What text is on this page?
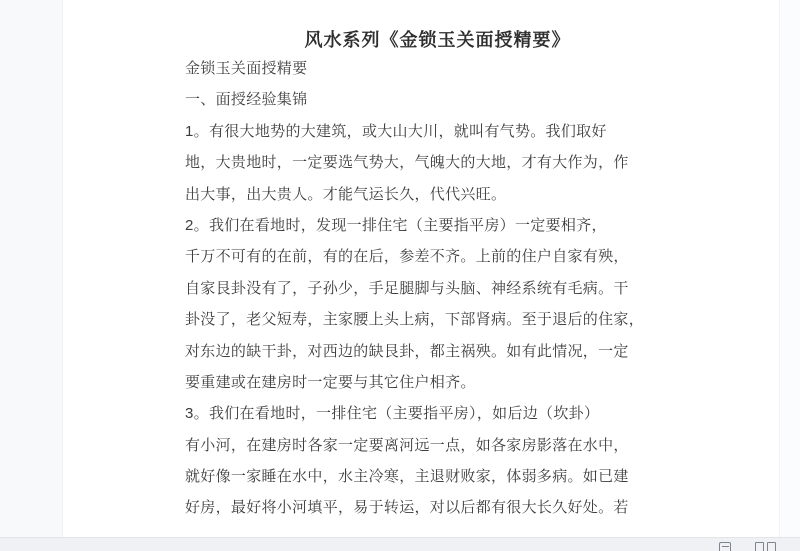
风水系列《金锁玉关面授精要》
金锁玉关面授精要
一、面授经验集锦
1。有很大地势的大建筑，或大山大川，就叫有气势。我们取好
地，大贵地时，一定要选气势大，气魄大的大地，才有大作为，作
出大事，出大贵人。才能气运长久，代代兴旺。
2。我们在看地时，发现一排住宅（主要指平房）一定要相齐，
千万不可有的在前，有的在后，参差不齐。上前的住户自家有殃，
自家艮卦没有了，子孙少，手足腿脚与头脑、神经系统有毛病。干
卦没了，老父短寿，主家腰上头上病，下部肾病。至于退后的住家，
对东边的缺干卦，对西边的缺艮卦，都主祸殃。如有此情况，一定
要重建或在建房时一定要与其它住户相齐。
3。我们在看地时，一排住宅（主要指平房），如后边（坎卦）
有小河，在建房时各家一定要离河远一点，如各家房影落在水中，
就好像一家睡在水中，水主冷寒，主退财败家，体弱多病。如已建
好房，最好将小河填平，易于转运，对以后都有很大长久好处。若
